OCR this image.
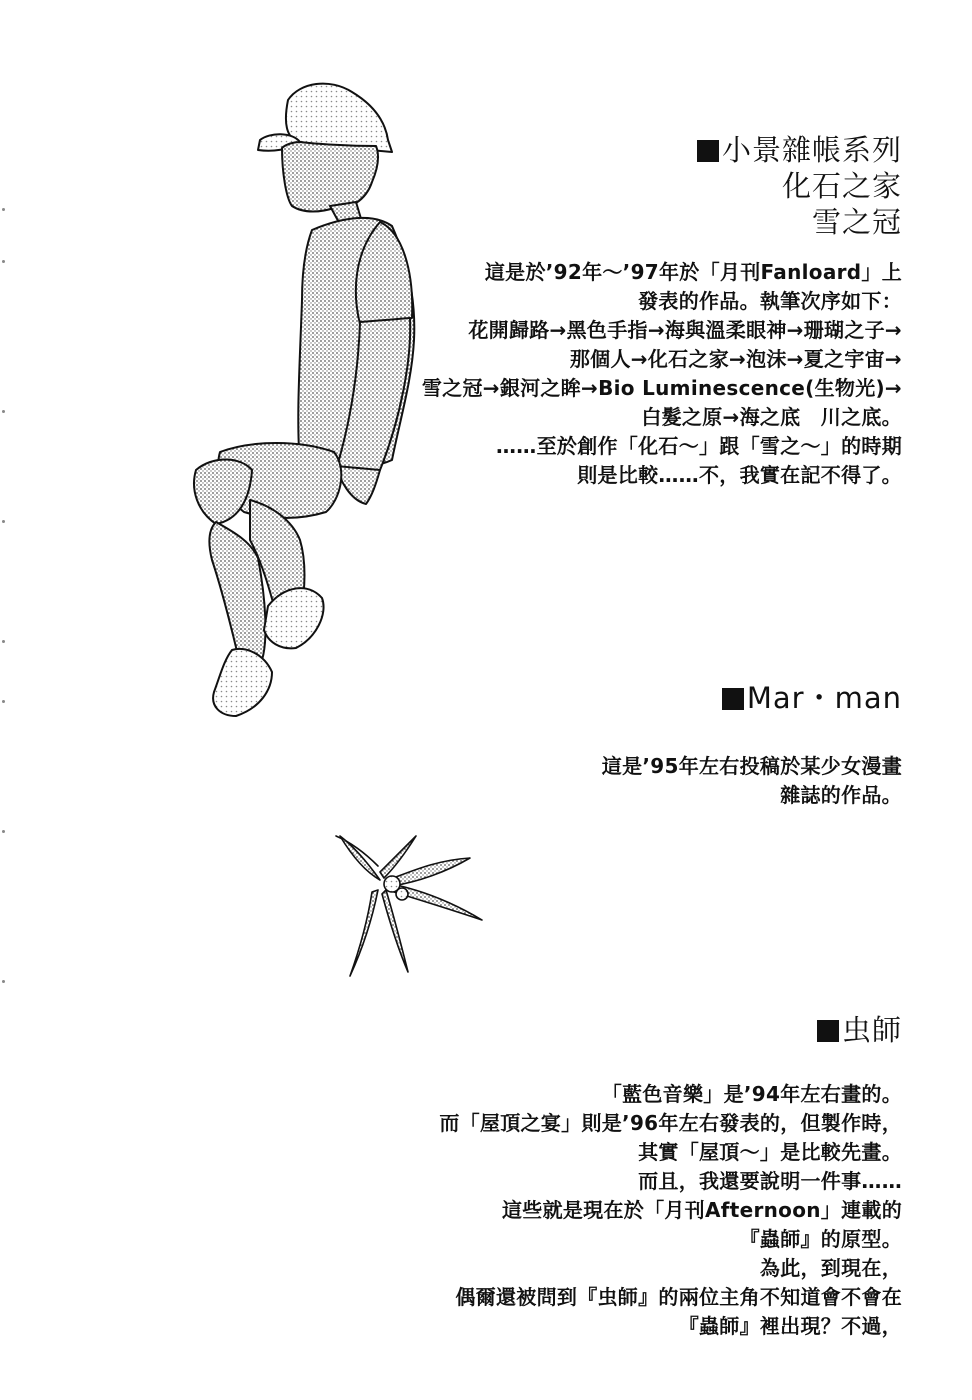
小景雜帳系列
化石之家
雪之冠
這是於’92年～’97年於「月刊Fanloard」上
發表的作品。執筆次序如下：
花開歸路→黑色手指→海與溫柔眼神→珊瑚之子→
那個人→化石之家→泡沫→夏之宇宙→
雪之冠→銀河之眸→Bio Luminescence(生物光)→
白髮之原→海之底　川之底。
……至於創作「化石～」跟「雪之～」的時期
則是比較……不，我實在記不得了。
Mar・man
這是’95年左右投稿於某少女漫畫
雜誌的作品。
虫師
「藍色音樂」是’94年左右畫的。
而「屋頂之宴」則是’96年左右發表的，但製作時，
其實「屋頂～」是比較先畫。
而且，我還要說明一件事……
這些就是現在於「月刊Afternoon」連載的
『蟲師』的原型。
為此，到現在，
偶爾還被問到『虫師』的兩位主角不知道會不會在
『蟲師』裡出現？不過，
